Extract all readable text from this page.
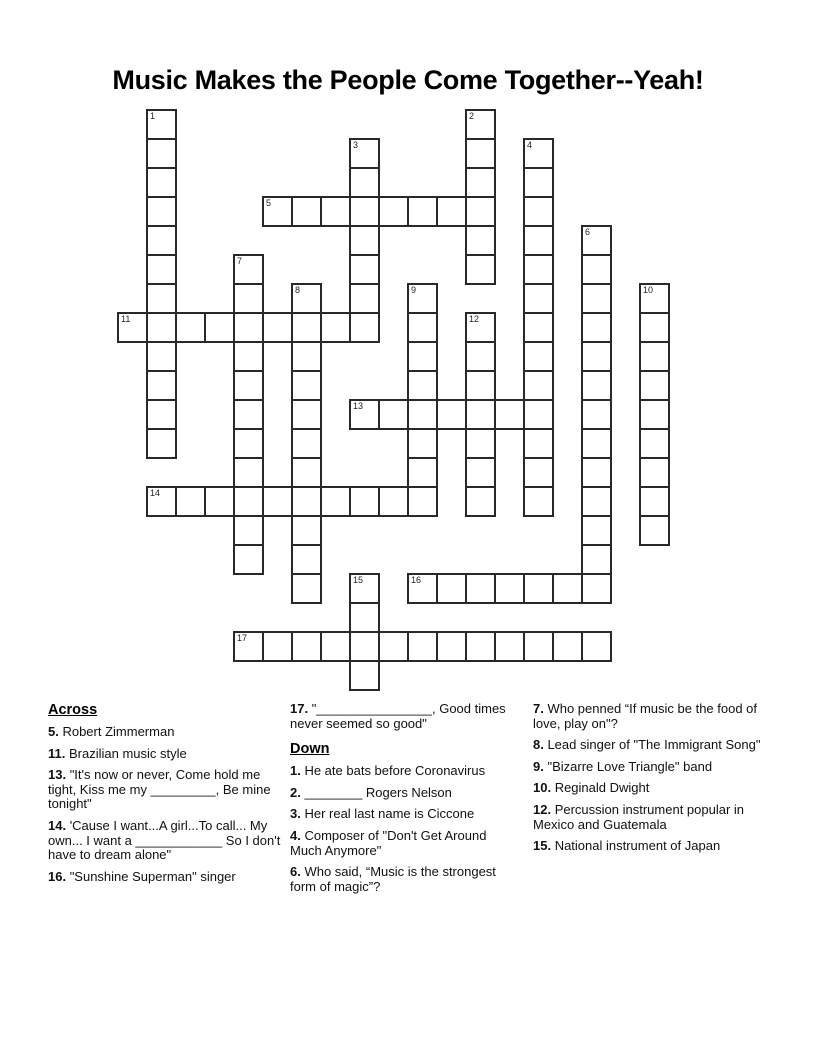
Music Makes the People Come Together--Yeah!
1	2
3	4
5
6
7
8	9	10
11	12
13
14
15	16
17

Across

5. Robert Zimmerman

11. Brazilian music style

13. "It's now or never, Come hold me tight, Kiss me my _________, Be mine tonight"

14. 'Cause I want...A girl...To call... My own... I want a ____________ So I don't have to dream alone"

16. "Sunshine Superman" singer

17. "________________, Good times never seemed so good"

Down

1. He ate bats before Coronavirus

2. ________ Rogers Nelson

3. Her real last name is Ciccone

4. Composer of "Don't Get Around Much Anymore"

6. Who said, “Music is the strongest form of magic”?

7. Who penned “If music be the food of love, play on"?

8. Lead singer of "The Immigrant Song"

9. "Bizarre Love Triangle" band

10. Reginald Dwight

12. Percussion instrument popular in Mexico and Guatemala

15. National instrument of Japan
